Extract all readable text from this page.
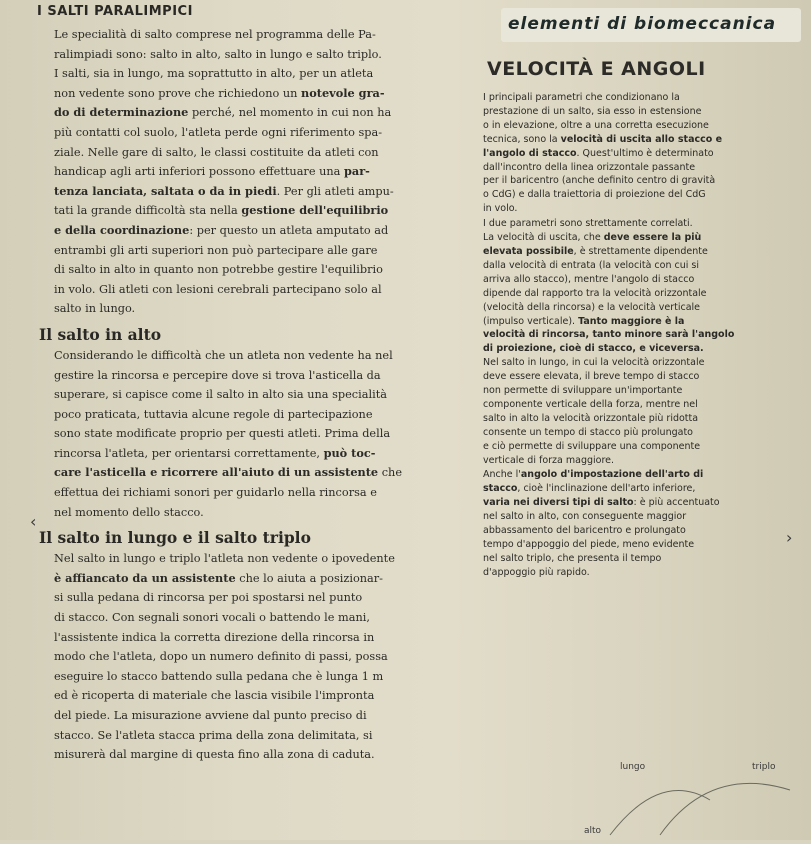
I SALTI PARALIMPICI
Le specialità di salto comprese nel programma delle Pa-
ralimpiadi sono: salto in alto, salto in lungo e salto triplo.
I salti, sia in lungo, ma soprattutto in alto, per un atleta
non vedente sono prove che richiedono un notevole gra-
do di determinazione perché, nel momento in cui non ha
più contatti col suolo, l'atleta perde ogni riferimento spa-
ziale. Nelle gare di salto, le classi costituite da atleti con
handicap agli arti inferiori possono effettuare una par-
tenza lanciata, saltata o da in piedi. Per gli atleti ampu-
tati la grande difficoltà sta nella gestione dell'equilibrio
e della coordinazione: per questo un atleta amputato ad
entrambi gli arti superiori non può partecipare alle gare
di salto in alto in quanto non potrebbe gestire l'equilibrio
in volo. Gli atleti con lesioni cerebrali partecipano solo al
salto in lungo.
Il salto in alto
Considerando le difficoltà che un atleta non vedente ha nel
gestire la rincorsa e percepire dove si trova l'asticella da
superare, si capisce come il salto in alto sia una specialità
poco praticata, tuttavia alcune regole di partecipazione
sono state modificate proprio per questi atleti. Prima della
rincorsa l'atleta, per orientarsi correttamente, può toc-
care l'asticella e ricorrere all'aiuto di un assistente che
effettua dei richiami sonori per guidarlo nella rincorsa e
nel momento dello stacco.
Il salto in lungo e il salto triplo
Nel salto in lungo e triplo l'atleta non vedente o ipovedente
è affiancato da un assistente che lo aiuta a posizionar-
si sulla pedana di rincorsa per poi spostarsi nel punto
di stacco. Con segnali sonori vocali o battendo le mani,
l'assistente indica la corretta direzione della rincorsa in
modo che l'atleta, dopo un numero definito di passi, possa
eseguire lo stacco battendo sulla pedana che è lunga 1 m
ed è ricoperta di materiale che lascia visibile l'impronta
del piede. La misurazione avviene dal punto preciso di
stacco. Se l'atleta stacca prima della zona delimitata, si
misurerà dal margine di questa fino alla zona di caduta.
elementi di biomeccanica
VELOCITÀ E ANGOLI
I principali parametri che condizionano la
prestazione di un salto, sia esso in estensione
o in elevazione, oltre a una corretta esecuzione
tecnica, sono la velocità di uscita allo stacco e
l'angolo di stacco. Quest'ultimo è determinato
dall'incontro della linea orizzontale passante
per il baricentro (anche definito centro di gravità
o CdG) e dalla traiettoria di proiezione del CdG
in volo.
I due parametri sono strettamente correlati.
La velocità di uscita, che deve essere la più
elevata possibile, è strettamente dipendente
dalla velocità di entrata (la velocità con cui si
arriva allo stacco), mentre l'angolo di stacco
dipende dal rapporto tra la velocità orizzontale
(velocità della rincorsa) e la velocità verticale
(impulso verticale). Tanto maggiore è la
velocità di rincorsa, tanto minore sarà l'angolo
di proiezione, cioè di stacco, e viceversa.
Nel salto in lungo, in cui la velocità orizzontale
deve essere elevata, il breve tempo di stacco
non permette di sviluppare un'importante
componente verticale della forza, mentre nel
salto in alto la velocità orizzontale più ridotta
consente un tempo di stacco più prolungato
e ciò permette di sviluppare una componente
verticale di forza maggiore.
Anche l'angolo d'impostazione dell'arto di
stacco, cioè l'inclinazione dell'arto inferiore,
varia nei diversi tipi di salto: è più accentuato
nel salto in alto, con conseguente maggior
abbassamento del baricentro e prolungato
tempo d'appoggio del piede, meno evidente
nel salto triplo, che presenta il tempo
d'appoggio più rapido.
‹
›
lungo	triplo
alto
